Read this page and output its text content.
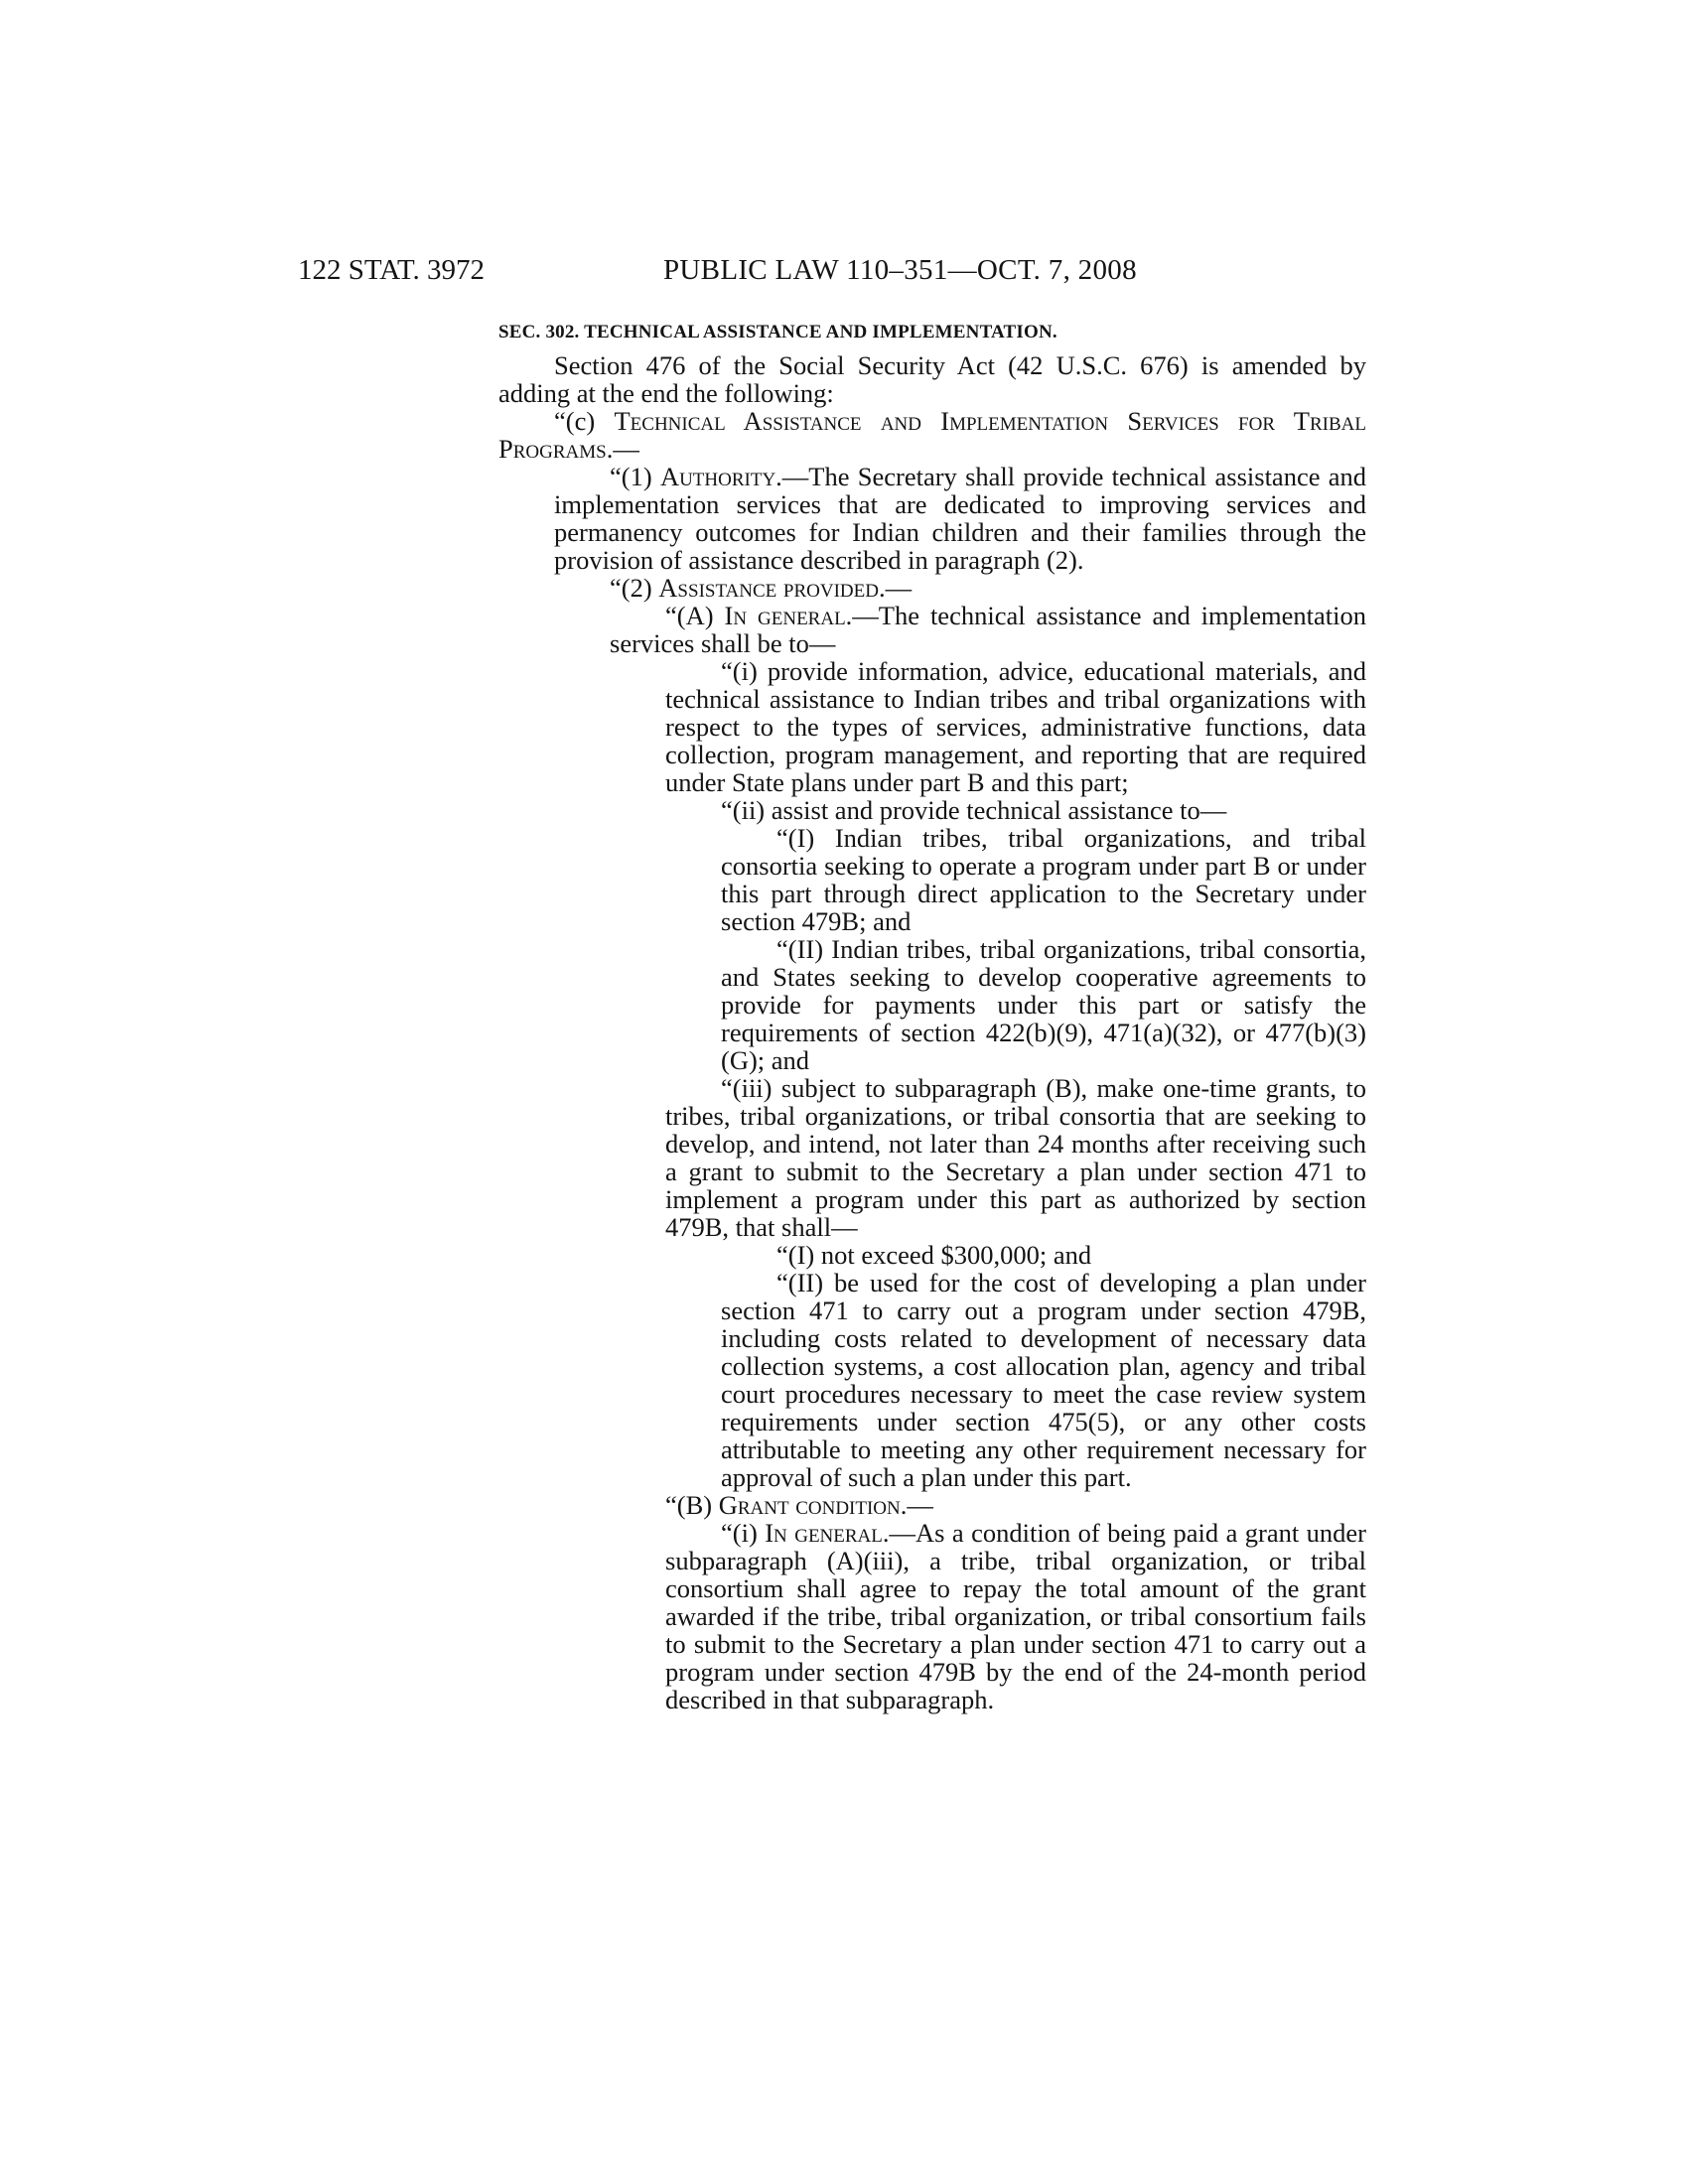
122 STAT. 3972	PUBLIC LAW 110–351—OCT. 7, 2008
SEC. 302. TECHNICAL ASSISTANCE AND IMPLEMENTATION.

Section 476 of the Social Security Act (42 U.S.C. 676) is amended by adding at the end the following:

“(c) Technical Assistance and Implementation Services for Tribal Programs.—

“(1) Authority.—The Secretary shall provide technical assistance and implementation services that are dedicated to improving services and permanency outcomes for Indian children and their families through the provision of assistance described in paragraph (2).

“(2) Assistance provided.—

“(A) In general.—The technical assistance and implementation services shall be to—

“(i) provide information, advice, educational materials, and technical assistance to Indian tribes and tribal organizations with respect to the types of services, administrative functions, data collection, program management, and reporting that are required under State plans under part B and this part;

“(ii) assist and provide technical assistance to—

“(I) Indian tribes, tribal organizations, and tribal consortia seeking to operate a program under part B or under this part through direct application to the Secretary under section 479B; and

“(II) Indian tribes, tribal organizations, tribal consortia, and States seeking to develop cooperative agreements to provide for payments under this part or satisfy the requirements of section 422(b)(9), 471(a)(32), or 477(b)(3)(G); and

“(iii) subject to subparagraph (B), make one-time grants, to tribes, tribal organizations, or tribal consortia that are seeking to develop, and intend, not later than 24 months after receiving such a grant to submit to the Secretary a plan under section 471 to implement a program under this part as authorized by section 479B, that shall—

“(I) not exceed $300,000; and

“(II) be used for the cost of developing a plan under section 471 to carry out a program under section 479B, including costs related to development of necessary data collection systems, a cost allocation plan, agency and tribal court procedures necessary to meet the case review system requirements under section 475(5), or any other costs attributable to meeting any other requirement necessary for approval of such a plan under this part.

“(B) Grant condition.—

“(i) In general.—As a condition of being paid a grant under subparagraph (A)(iii), a tribe, tribal organization, or tribal consortium shall agree to repay the total amount of the grant awarded if the tribe, tribal organization, or tribal consortium fails to submit to the Secretary a plan under section 471 to carry out a program under section 479B by the end of the 24-month period described in that subparagraph.
